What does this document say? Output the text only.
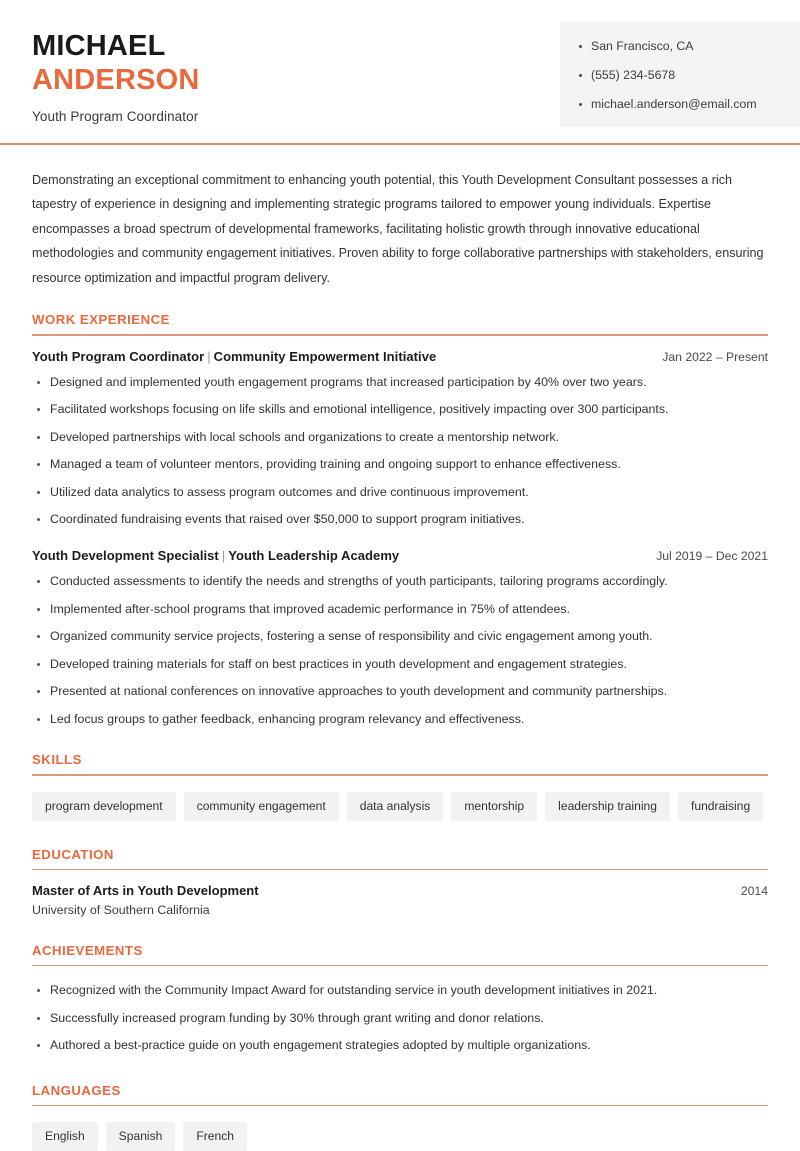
MICHAEL
ANDERSON
Youth Program Coordinator
San Francisco, CA
(555) 234-5678
michael.anderson@email.com

Demonstrating an exceptional commitment to enhancing youth potential, this Youth Development Consultant possesses a rich tapestry of experience in designing and implementing strategic programs tailored to empower young individuals. Expertise encompasses a broad spectrum of developmental frameworks, facilitating holistic growth through innovative educational methodologies and community engagement initiatives. Proven ability to forge collaborative partnerships with stakeholders, ensuring resource optimization and impactful program delivery.

WORK EXPERIENCE
Youth Program Coordinator | Community Empowerment Initiative	Jan 2022 – Present
Designed and implemented youth engagement programs that increased participation by 40% over two years.
Facilitated workshops focusing on life skills and emotional intelligence, positively impacting over 300 participants.
Developed partnerships with local schools and organizations to create a mentorship network.
Managed a team of volunteer mentors, providing training and ongoing support to enhance effectiveness.
Utilized data analytics to assess program outcomes and drive continuous improvement.
Coordinated fundraising events that raised over $50,000 to support program initiatives.
Youth Development Specialist | Youth Leadership Academy	Jul 2019 – Dec 2021
Conducted assessments to identify the needs and strengths of youth participants, tailoring programs accordingly.
Implemented after-school programs that improved academic performance in 75% of attendees.
Organized community service projects, fostering a sense of responsibility and civic engagement among youth.
Developed training materials for staff on best practices in youth development and engagement strategies.
Presented at national conferences on innovative approaches to youth development and community partnerships.
Led focus groups to gather feedback, enhancing program relevancy and effectiveness.
SKILLS
program development	community engagement	data analysis	mentorship	leadership training	fundraising
EDUCATION
Master of Arts in Youth Development	2014
University of Southern California
ACHIEVEMENTS
Recognized with the Community Impact Award for outstanding service in youth development initiatives in 2021.
Successfully increased program funding by 30% through grant writing and donor relations.
Authored a best-practice guide on youth engagement strategies adopted by multiple organizations.
LANGUAGES
English	Spanish	French
